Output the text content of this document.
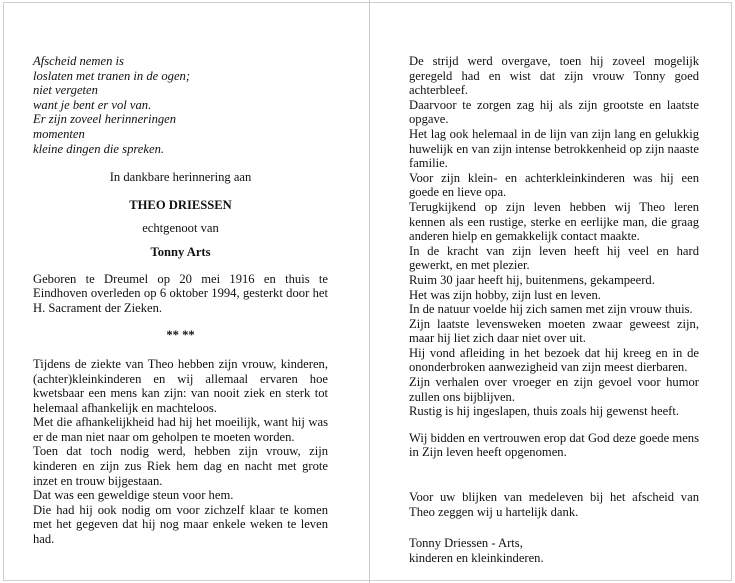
Afscheid nemen is
loslaten met tranen in de ogen;
niet vergeten
want je bent er vol van.
Er zijn zoveel herinneringen
momenten
kleine dingen die spreken.

In dankbare herinnering aan

THEO DRIESSEN

echtgenoot van

Tonny Arts

Geboren te Dreumel op 20 mei 1916 en thuis te Eindhoven overleden op 6 oktober 1994, gesterkt door het H. Sacrament der Zieken.

** **

Tijdens de ziekte van Theo hebben zijn vrouw, kinderen, (achter)kleinkinderen en wij allemaal ervaren hoe kwetsbaar een mens kan zijn: van nooit ziek en sterk tot helemaal afhankelijk en machteloos.

Met die afhankelijkheid had hij het moeilijk, want hij was er de man niet naar om geholpen te moeten worden.

Toen dat toch nodig werd, hebben zijn vrouw, zijn kinderen en zijn zus Riek hem dag en nacht met grote inzet en trouw bijgestaan.

Dat was een geweldige steun voor hem.

Die had hij ook nodig om voor zichzelf klaar te komen met het gegeven dat hij nog maar enkele weken te leven had.

De strijd werd overgave, toen hij zoveel mogelijk geregeld had en wist dat zijn vrouw Tonny goed achterbleef.

Daarvoor te zorgen zag hij als zijn grootste en laatste opgave.

Het lag ook helemaal in de lijn van zijn lang en gelukkig huwelijk en van zijn intense betrokkenheid op zijn naaste familie.

Voor zijn klein- en achterkleinkinderen was hij een goede en lieve opa.

Terugkijkend op zijn leven hebben wij Theo leren kennen als een rustige, sterke en eerlijke man, die graag anderen hielp en gemakkelijk contact maakte.

In de kracht van zijn leven heeft hij veel en hard gewerkt, en met plezier.

Ruim 30 jaar heeft hij, buitenmens, gekampeerd.

Het was zijn hobby, zijn lust en leven.

In de natuur voelde hij zich samen met zijn vrouw thuis.

Zijn laatste levensweken moeten zwaar geweest zijn, maar hij liet zich daar niet over uit.

Hij vond afleiding in het bezoek dat hij kreeg en in de ononderbroken aanwezigheid van zijn meest dierbaren.

Zijn verhalen over vroeger en zijn gevoel voor humor zullen ons bijblijven.

Rustig is hij ingeslapen, thuis zoals hij gewenst heeft.

Wij bidden en vertrouwen erop dat God deze goede mens in Zijn leven heeft opgenomen.

Voor uw blijken van medeleven bij het afscheid van Theo zeggen wij u hartelijk dank.

Tonny Driessen - Arts,
kinderen en kleinkinderen.
